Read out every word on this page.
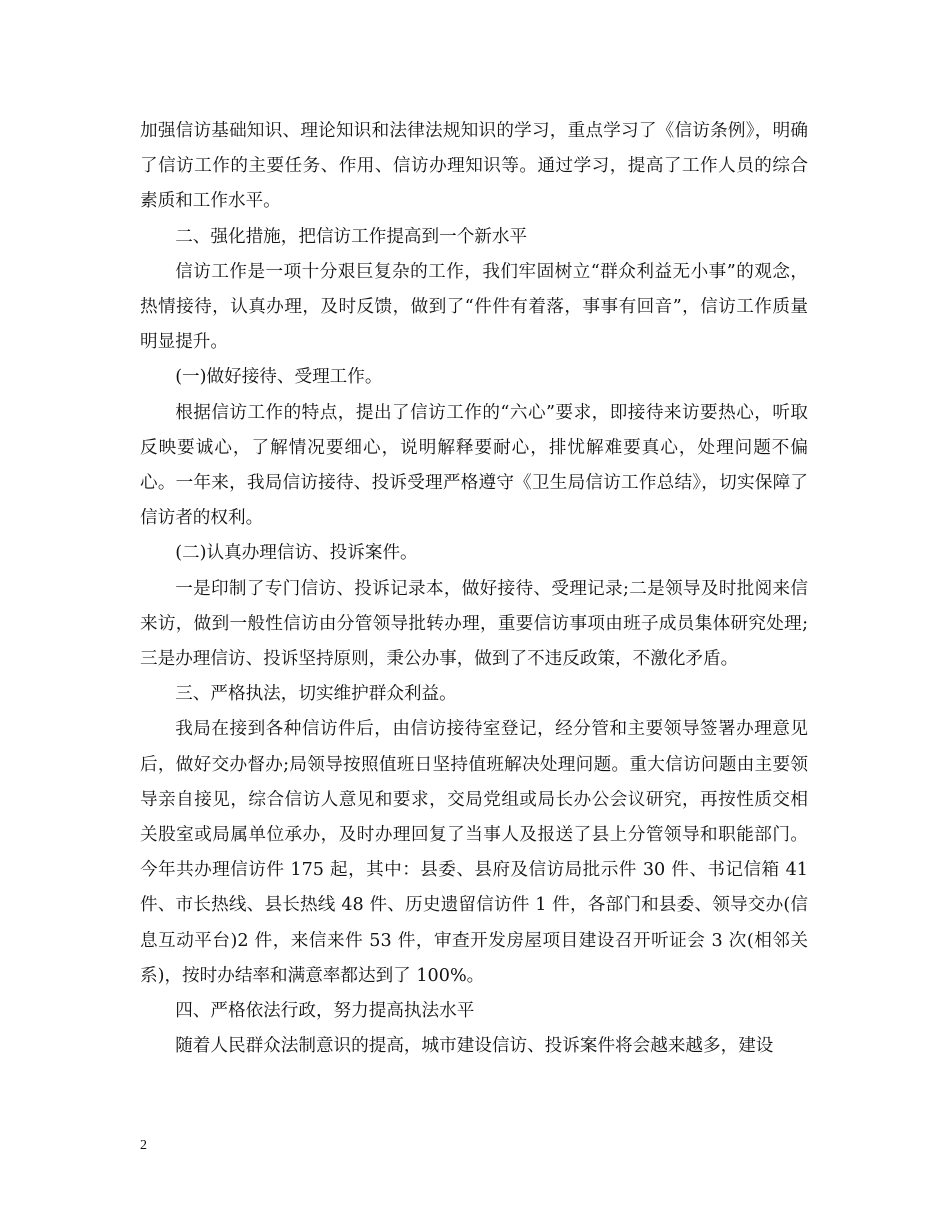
加强信访基础知识、理论知识和法律法规知识的学习，重点学习了《信访条例》，明确了信访工作的主要任务、作用、信访办理知识等。通过学习，提高了工作人员的综合素质和工作水平。

二、强化措施，把信访工作提高到一个新水平

信访工作是一项十分艰巨复杂的工作，我们牢固树立“群众利益无小事”的观念，热情接待，认真办理，及时反馈，做到了“件件有着落，事事有回音”，信访工作质量明显提升。

(一)做好接待、受理工作。

根据信访工作的特点，提出了信访工作的“六心”要求，即接待来访要热心，听取反映要诚心，了解情况要细心，说明解释要耐心，排忧解难要真心，处理问题不偏心。一年来，我局信访接待、投诉受理严格遵守《卫生局信访工作总结》，切实保障了信访者的权利。

(二)认真办理信访、投诉案件。

一是印制了专门信访、投诉记录本，做好接待、受理记录;二是领导及时批阅来信来访，做到一般性信访由分管领导批转办理，重要信访事项由班子成员集体研究处理;三是办理信访、投诉坚持原则，秉公办事，做到了不违反政策，不激化矛盾。

三、严格执法，切实维护群众利益。

我局在接到各种信访件后，由信访接待室登记，经分管和主要领导签署办理意见后，做好交办督办;局领导按照值班日坚持值班解决处理问题。重大信访问题由主要领导亲自接见，综合信访人意见和要求，交局党组或局长办公会议研究，再按性质交相关股室或局属单位承办，及时办理回复了当事人及报送了县上分管领导和职能部门。今年共办理信访件 175 起，其中：县委、县府及信访局批示件 30 件、书记信箱 41 件、市长热线、县长热线 48 件、历史遗留信访件 1 件，各部门和县委、领导交办(信息互动平台)2 件，来信来件 53 件，审查开发房屋项目建设召开听证会 3 次(相邻关系)，按时办结率和满意率都达到了 100%。

四、严格依法行政，努力提高执法水平

随着人民群众法制意识的提高，城市建设信访、投诉案件将会越来越多，建设

2
